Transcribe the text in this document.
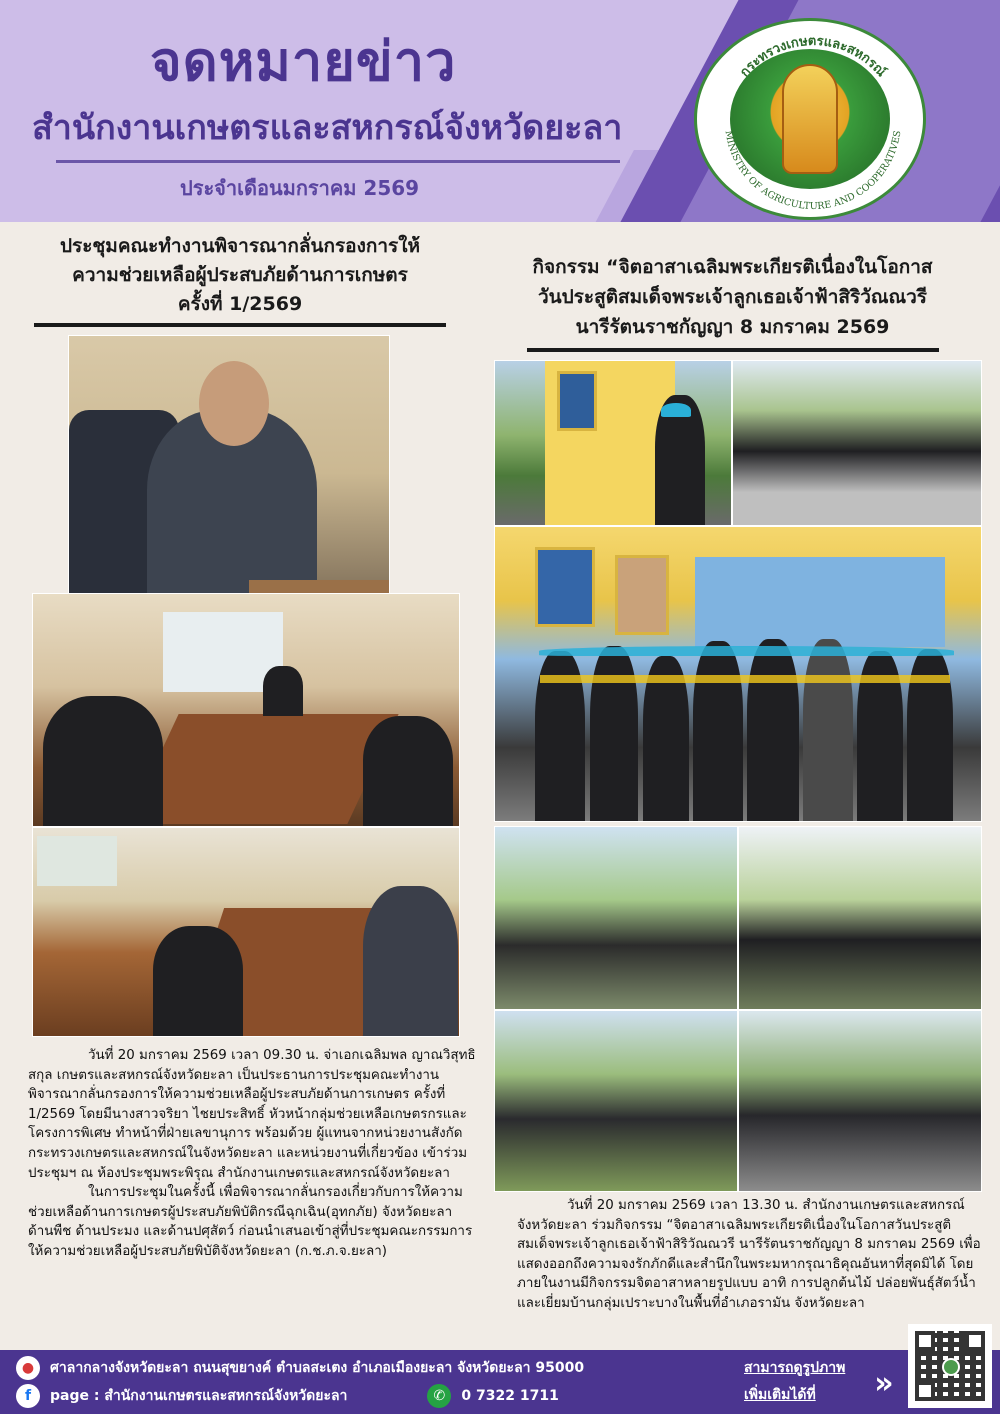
จดหมายข่าว
สำนักงานเกษตรและสหกรณ์จังหวัดยะลา
ประจำเดือนมกราคม 2569
กระทรวงเกษตรและสหกรณ์
MINISTRY OF AGRICULTURE AND COOPERATIVES
ประชุมคณะทำงานพิจารณากลั่นกรองการให้
ความช่วยเหลือผู้ประสบภัยด้านการเกษตร
ครั้งที่ 1/2569
กิจกรรม “จิตอาสาเฉลิมพระเกียรติเนื่องในโอกาส
วันประสูติสมเด็จพระเจ้าลูกเธอเจ้าฟ้าสิริวัณณวรี
นารีรัตนราชกัญญา 8 มกราคม 2569

วันที่ 20 มกราคม 2569 เวลา 09.30 น. จ่าเอกเฉลิมพล ญาณวิสุทธิสกุล เกษตรและสหกรณ์จังหวัดยะลา เป็นประธานการประชุมคณะทำงานพิจารณากลั่นกรองการให้ความช่วยเหลือผู้ประสบภัยด้านการเกษตร ครั้งที่ 1/2569 โดยมีนางสาวจริยา ไชยประสิทธิ์ หัวหน้ากลุ่มช่วยเหลือเกษตรกรและโครงการพิเศษ ทำหน้าที่ฝ่ายเลขานุการ พร้อมด้วย ผู้แทนจากหน่วยงานสังกัดกระทรวงเกษตรและสหกรณ์ในจังหวัดยะลา และหน่วยงานที่เกี่ยวข้อง เข้าร่วมประชุมฯ ณ ห้องประชุมพระพิรุณ สำนักงานเกษตรและสหกรณ์จังหวัดยะลา

ในการประชุมในครั้งนี้ เพื่อพิจารณากลั่นกรองเกี่ยวกับการให้ความช่วยเหลือด้านการเกษตรผู้ประสบภัยพิบัติกรณีฉุกเฉิน(อุทกภัย) จังหวัดยะลา ด้านพืช ด้านประมง และด้านปศุสัตว์ ก่อนนำเสนอเข้าสู่ที่ประชุมคณะกรรมการให้ความช่วยเหลือผู้ประสบภัยพิบัติจังหวัดยะลา (ก.ช.ภ.จ.ยะลา)

วันที่ 20 มกราคม 2569 เวลา 13.30 น. สำนักงานเกษตรและสหกรณ์จังหวัดยะลา ร่วมกิจกรรม “จิตอาสาเฉลิมพระเกียรติเนื่องในโอกาสวันประสูติสมเด็จพระเจ้าลูกเธอเจ้าฟ้าสิริวัณณวรี นารีรัตนราชกัญญา 8 มกราคม 2569 เพื่อแสดงออกถึงความจงรักภักดีและสำนึกในพระมหากรุณาธิคุณอันหาที่สุดมิได้ โดยภายในงานมีกิจกรรมจิตอาสาหลายรูปแบบ อาทิ การปลูกต้นไม้ ปล่อยพันธุ์สัตว์น้ำ และเยี่ยมบ้านกลุ่มเปราะบางในพื้นที่อำเภอรามัน จังหวัดยะลา

●	ศาลากลางจังหวัดยะลา ถนนสุขยางค์ ตำบลสะเตง อำเภอเมืองยะลา จังหวัดยะลา 95000
f	page : สำนักงานเกษตรและสหกรณ์จังหวัดยะลา	✆	0 7322 1711
สามารถดูรูปภาพ
เพิ่มเติมได้ที่	»
